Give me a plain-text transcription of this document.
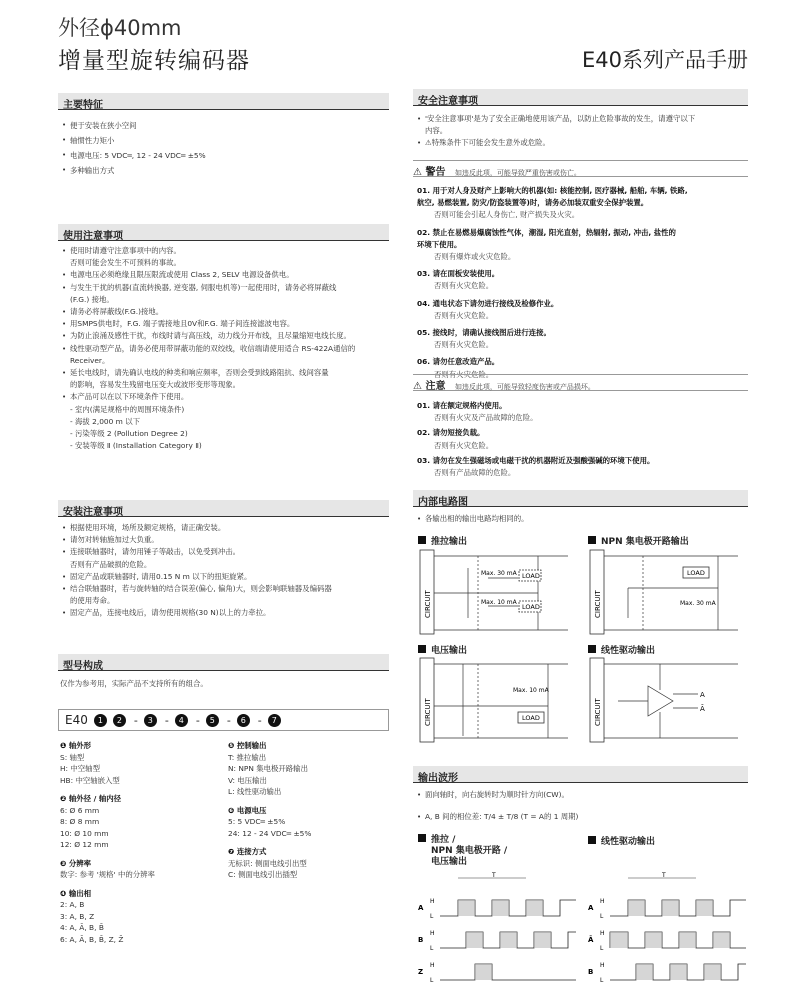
外径ϕ40mm
增量型旋转编码器	E40系列产品手册
主要特征
• 便于安装在狭小空间
• 轴惯性力矩小
• 电源电压: 5 VDC═, 12 - 24 VDC═ ±5%
• 多种输出方式
使用注意事项
• 使用时请遵守注意事项中的内容。
否则可能会发生不可预料的事故。
• 电源电压必须绝缘且限压限流或使用 Class 2, SELV 电源设备供电。
• 与发生干扰的机器(直流转换器, 逆变器, 伺服电机等)一起使用时，请务必将屏蔽线
(F.G.) 接地。
• 请务必将屏蔽线(F.G.)接地。
• 用SMPS供电时，F.G. 端子需接地且0V和F.G. 端子间连接滤波电容。
• 为防止浪涌及感性干扰，布线时请与高压线，动力线分开布线，且尽量缩短电线长度。
• 线性驱动型产品，请务必使用带屏蔽功能的双绞线，收信端请使用适合 RS-422A通信的
Receiver。
• 延长电线时，请先确认电线的种类和响应频率，否则会受到线路阻抗、线间容量
的影响，容易发生残留电压变大或波形变形等现象。
• 本产品可以在以下环境条件下使用。
- 室内(满足规格中的周围环境条件)
- 海拔 2,000 m 以下
- 污染等级 2 (Pollution Degree 2)
- 安装等级 Ⅱ (Installation Category Ⅱ)
安装注意事项
• 根据使用环境，场所及额定规格，请正确安装。
• 请勿对转轴施加过大负重。
• 连接联轴器时，请勿用锤子等敲击，以免受到冲击。
否则有产品破损的危险。
• 固定产品或联轴器时, 请用0.15 N m 以下的扭矩旋紧。
• 结合联轴器时，若与旋转轴的结合误差(偏心, 偏角)大，则会影响联轴器及编码器
的使用寿命。
• 固定产品，连接电线后，请勿使用规格(30 N)以上的力牵拉。
型号构成
仅作为参考用，实际产品不支持所有的组合。
E40 1 2 - 3 - 4 - 5 - 6 - 7
❶ 轴外形
S: 轴型
H: 中空轴型
HB: 中空轴嵌入型
❷ 轴外径 / 轴内径
6: Ø 6 mm
8: Ø 8 mm
10: Ø 10 mm
12: Ø 12 mm
❸ 分辨率
数字: 参考 '规格' 中的分辨率
❹ 输出相
2: A, B
3: A, B, Z
4: A, Ā, B, B̄
6: A, Ā, B, B̄, Z, Z̄
❺ 控制输出
T: 推拉输出
N: NPN 集电极开路输出
V: 电压输出
L: 线性驱动输出
❻ 电源电压
5: 5 VDC═ ±5%
24: 12 - 24 VDC═ ±5%
❼ 连接方式
无标识: 侧面电线引出型
C: 侧面电线引出插型
安全注意事项
• '安全注意事项'是为了安全正确地使用该产品，以防止危险事故的发生，请遵守以下
内容。
• ⚠特殊条件下可能会发生意外或危险。
⚠ 警告 如违反此项，可能导致严重伤害或伤亡。
01. 用于对人身及财产上影响大的机器(如: 核能控制, 医疗器械, 船舶, 车辆, 铁路,
航空, 易燃装置, 防灾/防盗装置等)时，请务必加装双重安全保护装置。
否则可能会引起人身伤亡, 财产损失及火灾。
02. 禁止在易燃易爆腐蚀性气体，潮湿, 阳光直射，热辐射, 振动, 冲击, 盐性的
环境下使用。
否则有爆炸或火灾危险。
03. 请在面板安装使用。
否则有火灾危险。
04. 通电状态下请勿进行接线及检修作业。
否则有火灾危险。
05. 接线时，请确认接线图后进行连接。
否则有火灾危险。
06. 请勿任意改造产品。
否则有火灾危险。
⚠ 注意 如违反此项，可能导致轻度伤害或产品损坏。
01. 请在额定规格内使用。
否则有火灾及产品故障的危险。
02. 请勿短接负载。
否则有火灾危险。
03. 请勿在发生强磁场或电磁干扰的机器附近及强酸强碱的环境下使用。
否则有产品故障的危险。
内部电路图
• 各输出相的输出电路均相同的。
推拉输出	NPN 集电极开路输出
电压输出	线性驱动输出
CIRCUIT
Max. 30 mA LOAD
Max. 10 mA
LOAD	CIRCUIT
LOAD
Max. 30 mA
CIRCUIT
Max. 10 mA
LOAD	CIRCUIT
A
Ā
输出波形
• 面向轴时，向右旋转时为顺时针方向(CW)。
• A, B 间的相位差: T/4 ± T/8 (T = A的 1 周期)
推拉 /
NPN 集电极开路 /
电压输出
线性驱动输出
T
A
H
L
B
H
L
Z
H
L
T
A
H
L
Ā
H
L
B
H
L
